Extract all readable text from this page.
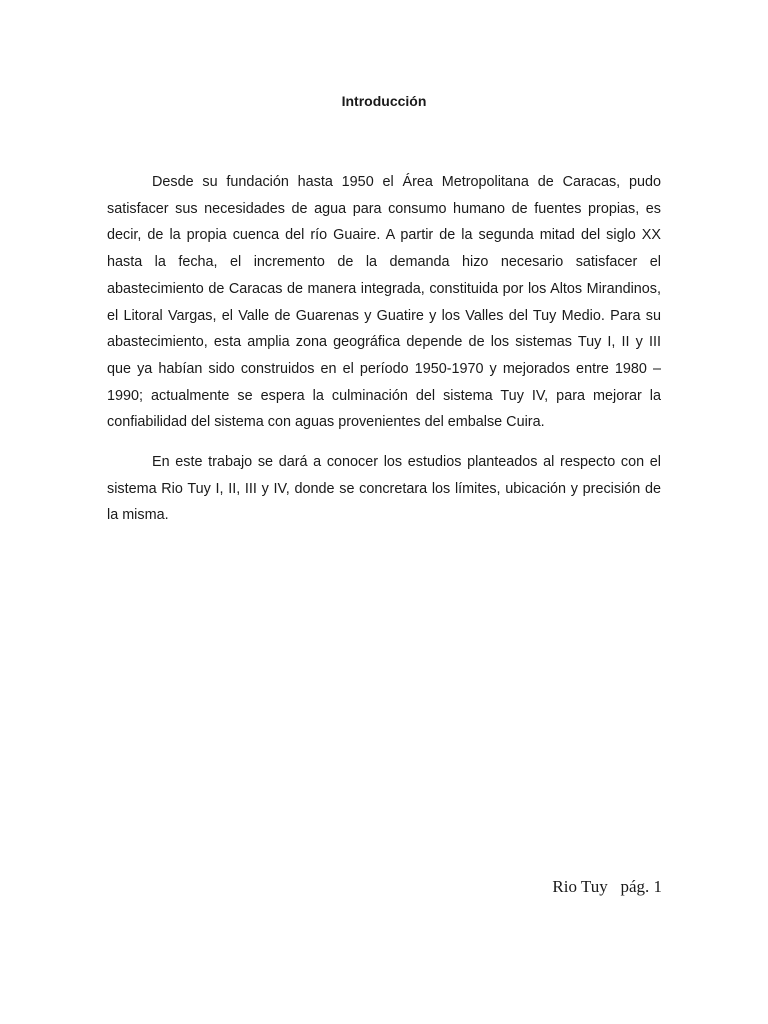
Introducción

Desde su fundación hasta 1950 el Área Metropolitana de Caracas, pudo satisfacer sus necesidades de agua para consumo humano de fuentes propias, es decir, de la propia cuenca del río Guaire. A partir de la segunda mitad del siglo XX hasta la fecha, el incremento de la demanda hizo necesario satisfacer el abastecimiento de Caracas de manera integrada, constituida por los Altos Mirandinos, el Litoral Vargas, el Valle de Guarenas y Guatire y los Valles del Tuy Medio. Para su abastecimiento, esta amplia zona geográfica depende de los sistemas Tuy I, II y III que ya habían sido construidos en el período 1950-1970 y mejorados entre 1980 – 1990; actualmente se espera la culminación del sistema Tuy IV, para mejorar la confiabilidad del sistema con aguas provenientes del embalse Cuira.

En este trabajo se dará a conocer los estudios planteados al respecto con el sistema Rio Tuy I, II, III y IV, donde se concretara los límites, ubicación y precisión de la misma.

Rio Tuy   pág. 1
